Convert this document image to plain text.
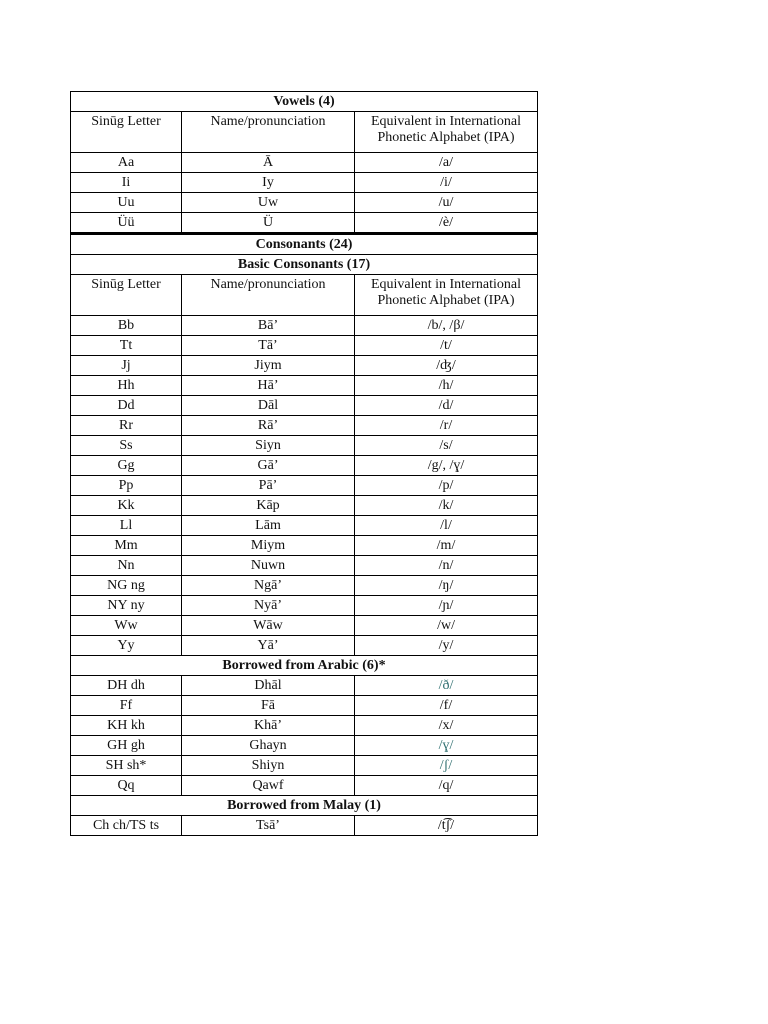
Vowels (4)		
Sinūg Letter	Name/pronunciation	Equivalent in International Phonetic Alphabet (IPA)
Aa	Ā	/a/
Ii	Iy	/i/
Uu	Uw	/u/
Üü	Ü	/è/
Consonants (24)		
Basic Consonants (17)		
Sinūg Letter	Name/pronunciation	Equivalent in International Phonetic Alphabet (IPA)
Bb	Bā’	/b/, /β/
Tt	Tā’	/t/
Jj	Jiym	/ʤ/
Hh	Hā’	/h/
Dd	Dāl	/d/
Rr	Rā’	/r/
Ss	Siyn	/s/
Gg	Gā’	/g/, /ɣ/
Pp	Pā’	/p/
Kk	Kāp	/k/
Ll	Lām	/l/
Mm	Miym	/m/
Nn	Nuwn	/n/
NG ng	Ngā’	/ŋ/
NY ny	Nyā’	/ɲ/
Ww	Wāw	/w/
Yy	Yā’	/y/
Borrowed from Arabic (6)*		
DH dh	Dhāl	/ð/
Ff	Fā	/f/
KH kh	Khā’	/x/
GH gh	Ghayn	/ɣ/
SH sh*	Shiyn	/ʃ/
Qq	Qawf	/q/
Borrowed from Malay (1)		
Ch ch/TS ts	Tsā’	/t͡ʃ/
